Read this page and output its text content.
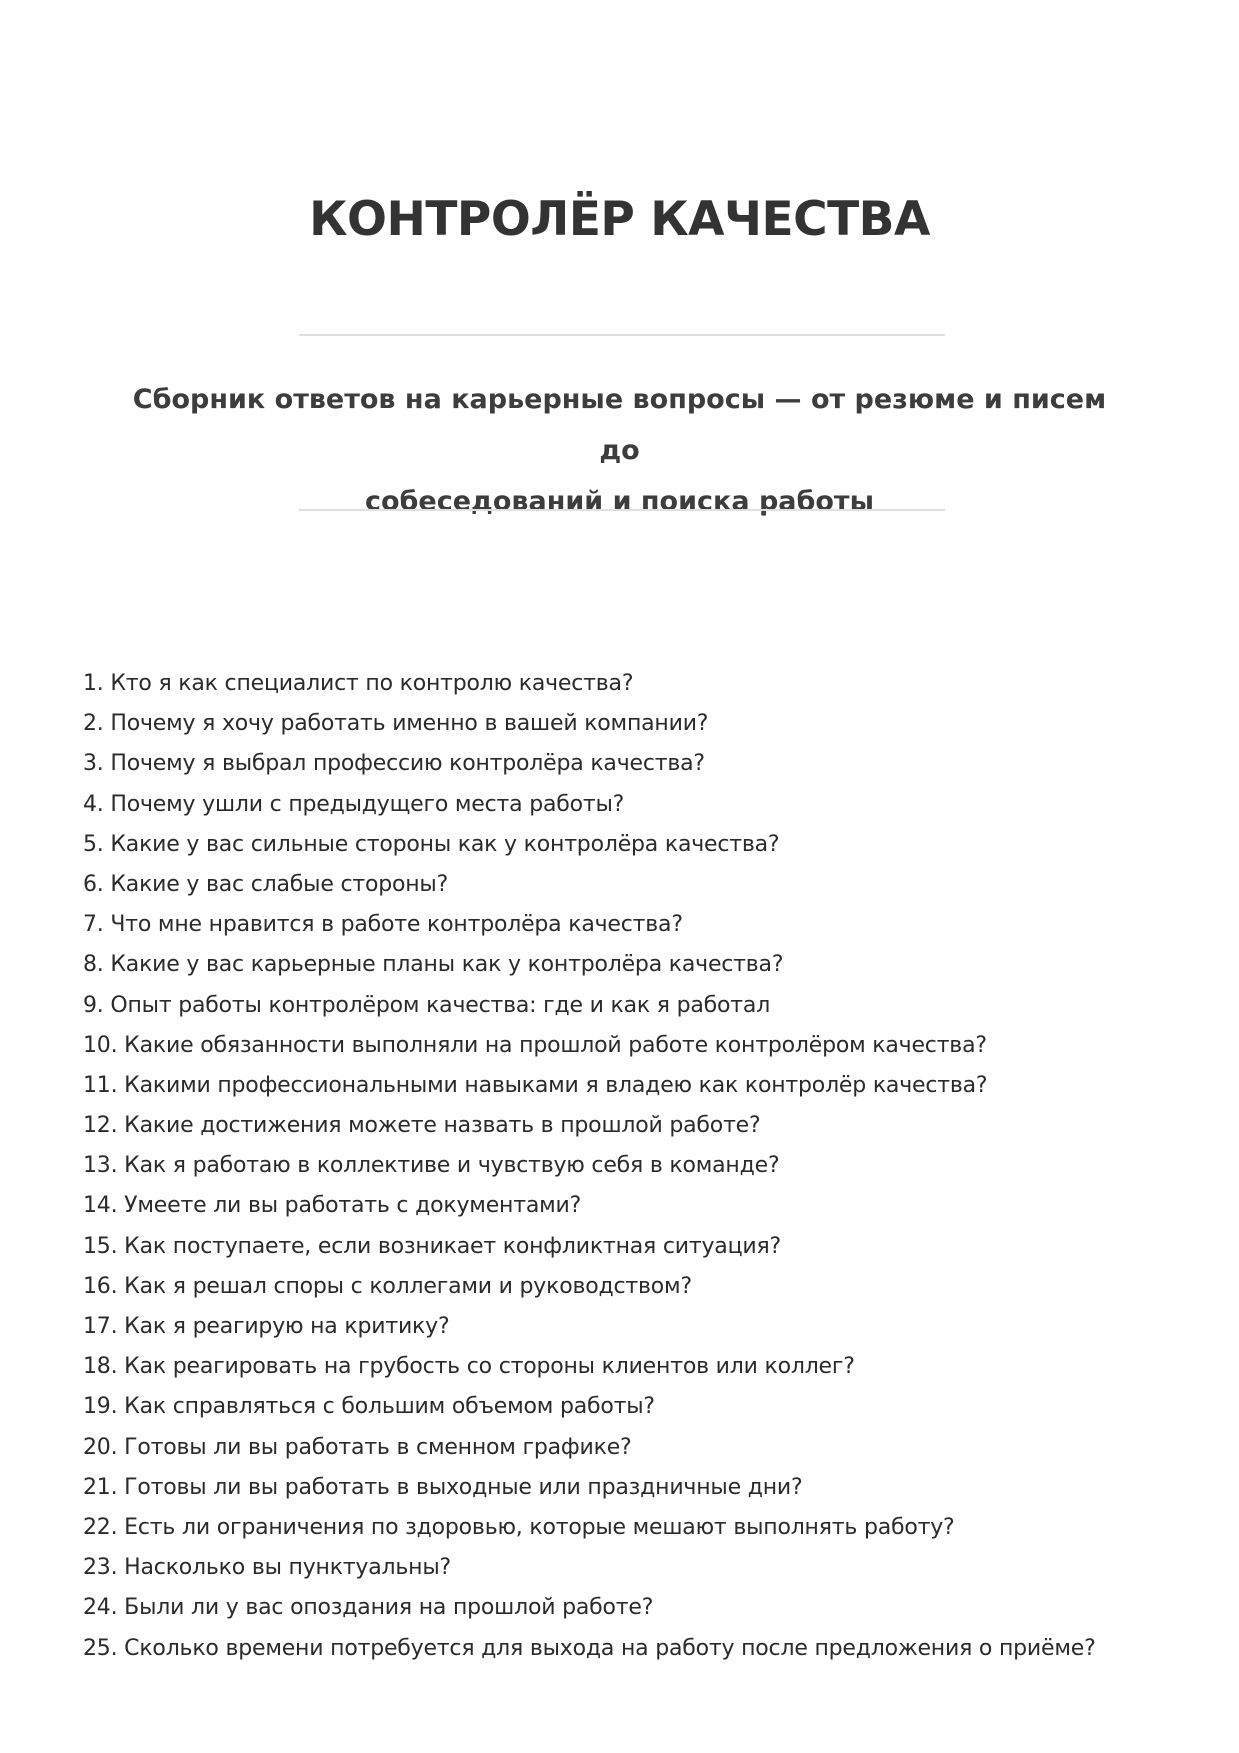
КОНТРОЛЁР КАЧЕСТВА

Сборник ответов на карьерные вопросы — от резюме и писем до
собеседований и поиска работы

1. Кто я как специалист по контролю качества?
2. Почему я хочу работать именно в вашей компании?
3. Почему я выбрал профессию контролёра качества?
4. Почему ушли с предыдущего места работы?
5. Какие у вас сильные стороны как у контролёра качества?
6. Какие у вас слабые стороны?
7. Что мне нравится в работе контролёра качества?
8. Какие у вас карьерные планы как у контролёра качества?
9. Опыт работы контролёром качества: где и как я работал
10. Какие обязанности выполняли на прошлой работе контролёром качества?
11. Какими профессиональными навыками я владею как контролёр качества?
12. Какие достижения можете назвать в прошлой работе?
13. Как я работаю в коллективе и чувствую себя в команде?
14. Умеете ли вы работать с документами?
15. Как поступаете, если возникает конфликтная ситуация?
16. Как я решал споры с коллегами и руководством?
17. Как я реагирую на критику?
18. Как реагировать на грубость со стороны клиентов или коллег?
19. Как справляться с большим объемом работы?
20. Готовы ли вы работать в сменном графике?
21. Готовы ли вы работать в выходные или праздничные дни?
22. Есть ли ограничения по здоровью, которые мешают выполнять работу?
23. Насколько вы пунктуальны?
24. Были ли у вас опоздания на прошлой работе?
25. Сколько времени потребуется для выхода на работу после предложения о приёме?
